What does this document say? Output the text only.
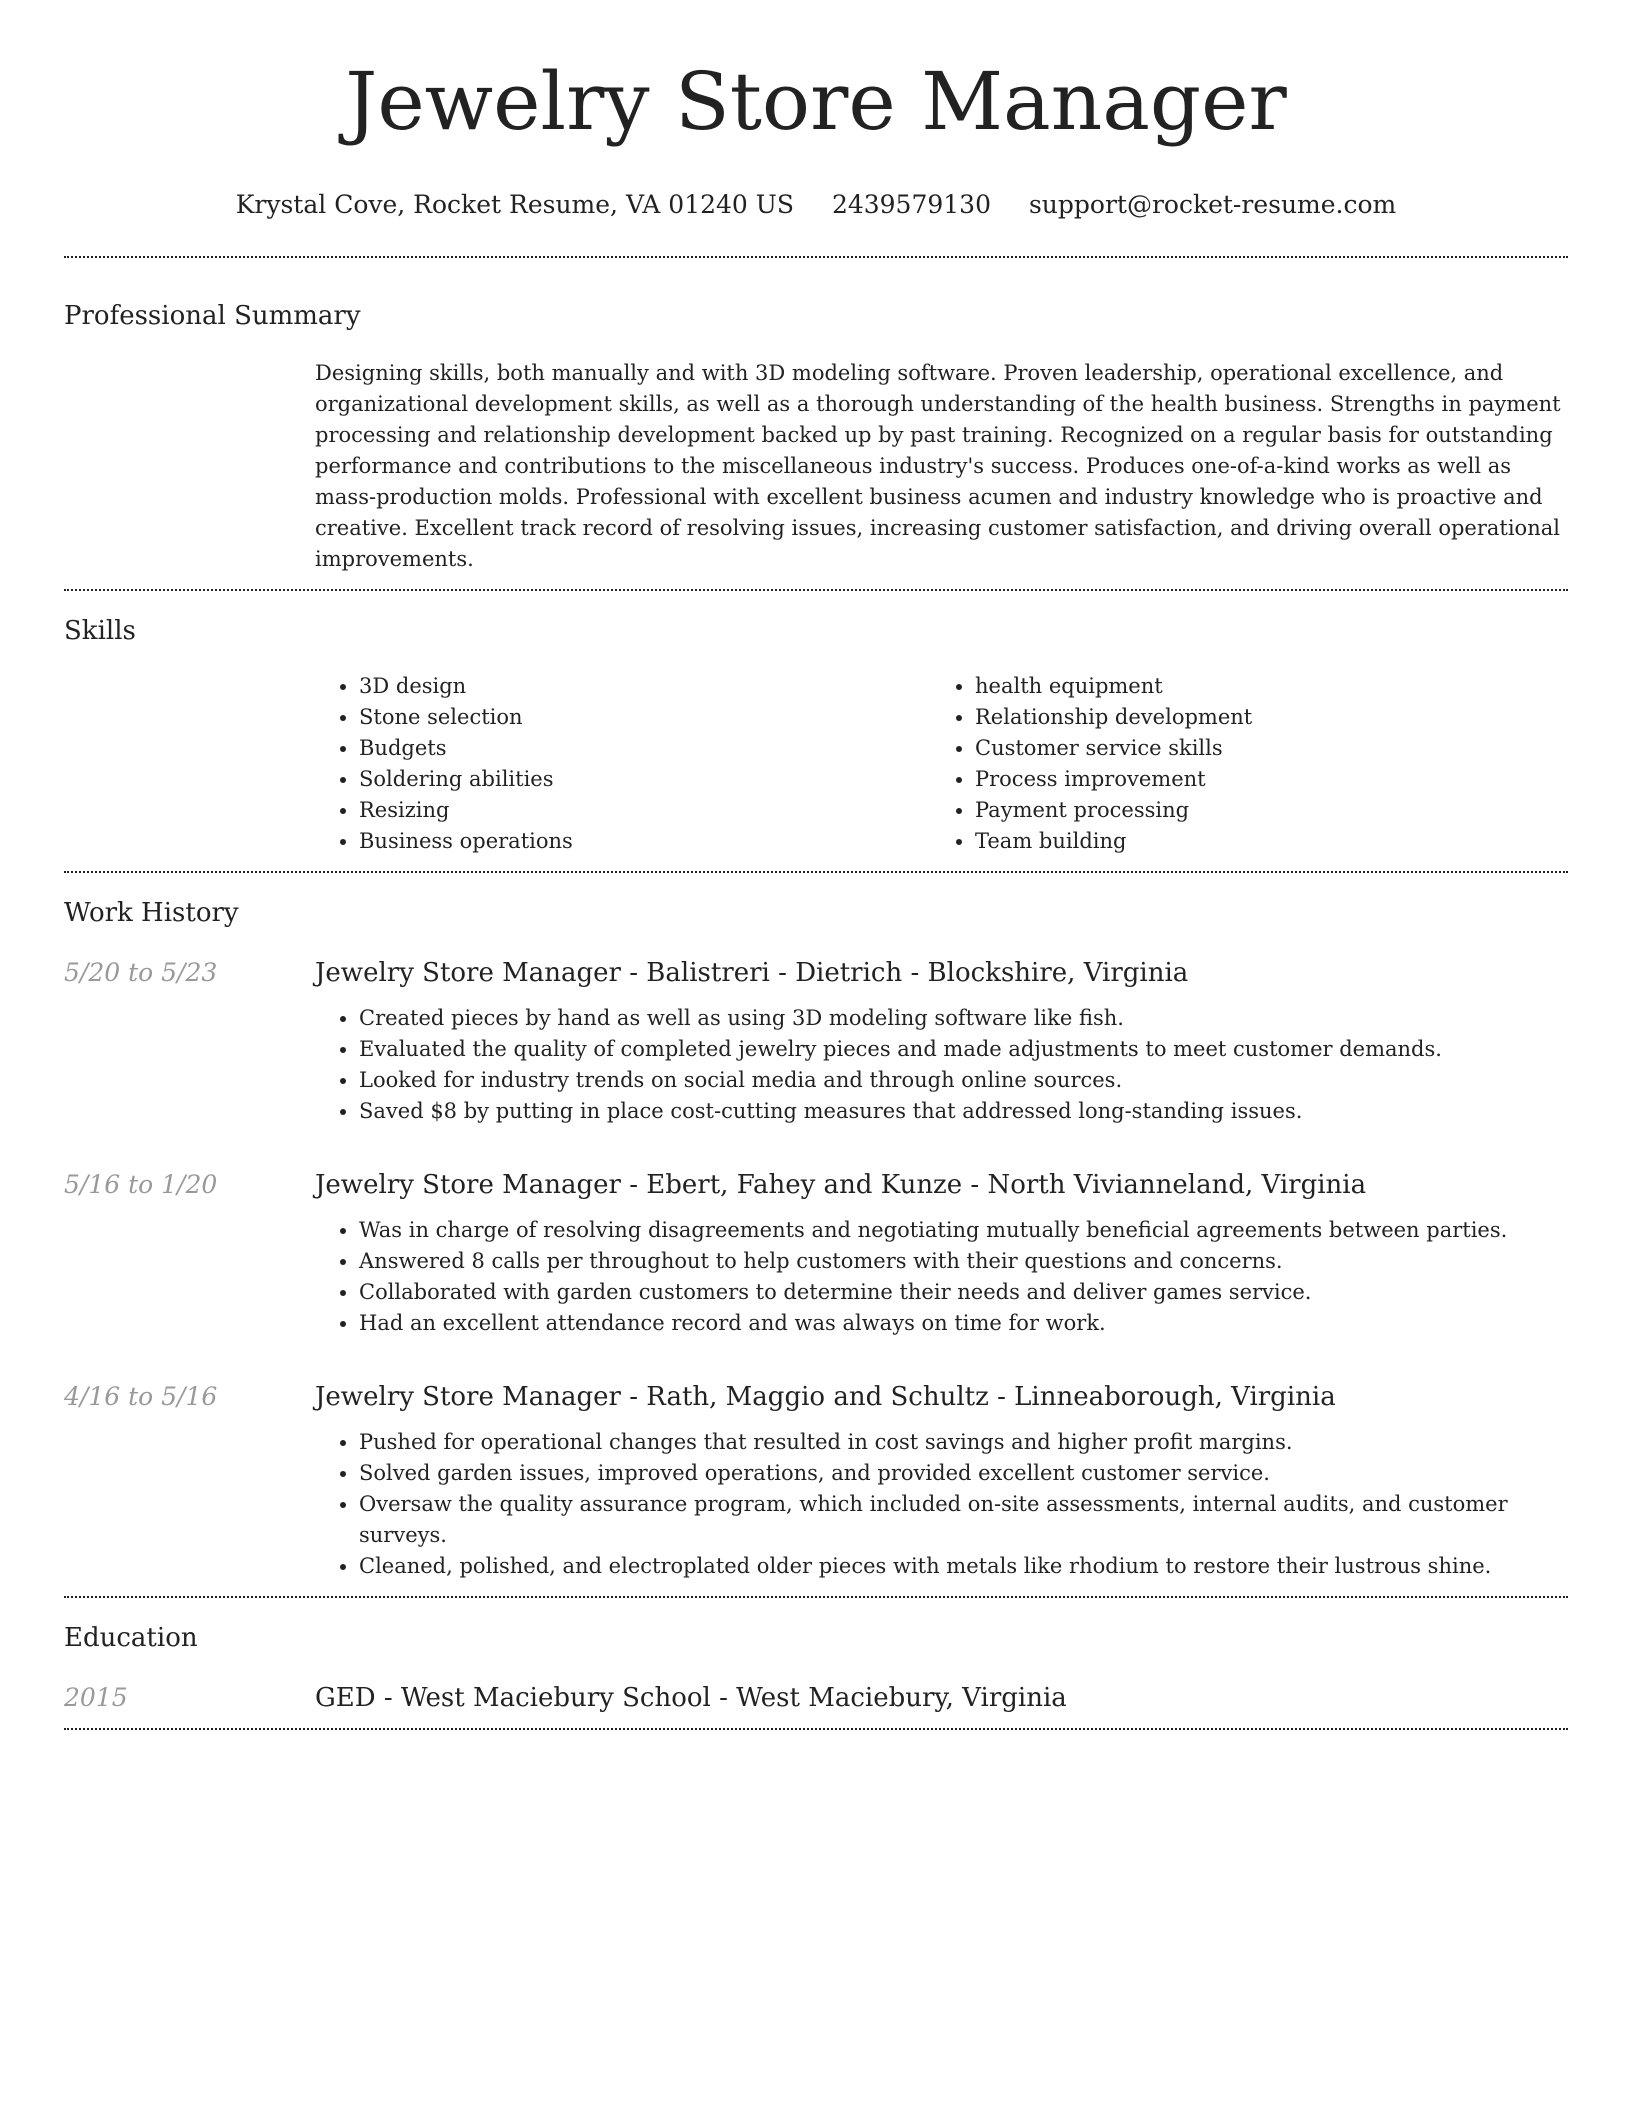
Jewelry Store Manager
Krystal Cove, Rocket Resume, VA 01240 US 2439579130 support@rocket-resume.com
Professional Summary
Designing skills, both manually and with 3D modeling software. Proven leadership, operational excellence, and organizational development skills, as well as a thorough understanding of the health business. Strengths in payment processing and relationship development backed up by past training. Recognized on a regular basis for outstanding performance and contributions to the miscellaneous industry's success. Produces one-of-a-kind works as well as mass-production molds. Professional with excellent business acumen and industry knowledge who is proactive and creative. Excellent track record of resolving issues, increasing customer satisfaction, and driving overall operational improvements.
Skills
• 3D design
• Stone selection
• Budgets
• Soldering abilities
• Resizing
• Business operations
• health equipment
• Relationship development
• Customer service skills
• Process improvement
• Payment processing
• Team building
Work History
5/20 to 5/23	Jewelry Store Manager - Balistreri - Dietrich - Blockshire, Virginia
• Created pieces by hand as well as using 3D modeling software like fish.
• Evaluated the quality of completed jewelry pieces and made adjustments to meet customer demands.
• Looked for industry trends on social media and through online sources.
• Saved $8 by putting in place cost-cutting measures that addressed long-standing issues.
5/16 to 1/20	Jewelry Store Manager - Ebert, Fahey and Kunze - North Vivianneland, Virginia
• Was in charge of resolving disagreements and negotiating mutually beneficial agreements between parties.
• Answered 8 calls per throughout to help customers with their questions and concerns.
• Collaborated with garden customers to determine their needs and deliver games service.
• Had an excellent attendance record and was always on time for work.
4/16 to 5/16	Jewelry Store Manager - Rath, Maggio and Schultz - Linneaborough, Virginia
• Pushed for operational changes that resulted in cost savings and higher profit margins.
• Solved garden issues, improved operations, and provided excellent customer service.
• Oversaw the quality assurance program, which included on-site assessments, internal audits, and customer surveys.
• Cleaned, polished, and electroplated older pieces with metals like rhodium to restore their lustrous shine.
Education
2015	GED - West Maciebury School - West Maciebury, Virginia
